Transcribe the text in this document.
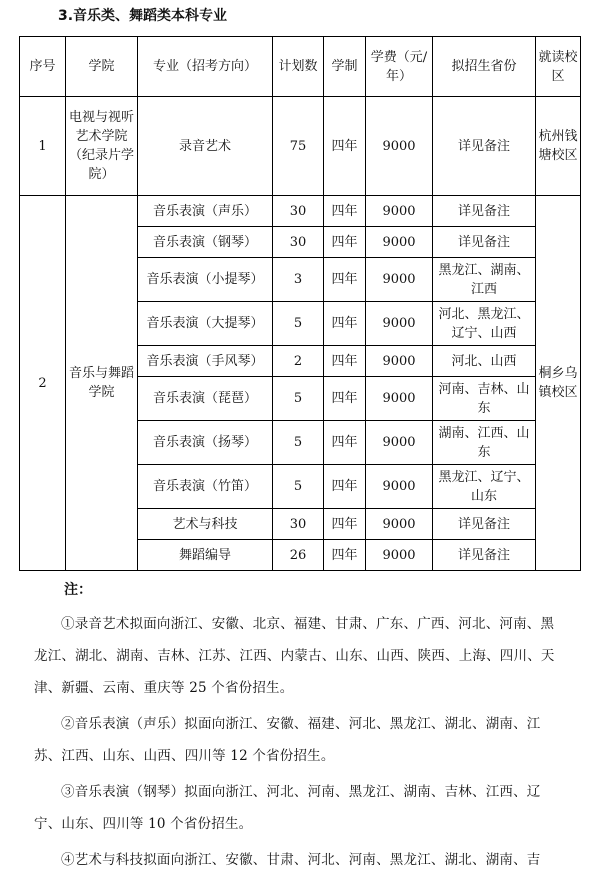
3.音乐类、舞蹈类本科专业
序号	学院	专业（招考方向）	计划数	学制	学费（元/年）	拟招生省份	就读校区
1	电视与视听艺术学院（纪录片学院）	录音艺术	75	四年	9000	详见备注	杭州钱塘校区
2	音乐与舞蹈学院	音乐表演（声乐）	30	四年	9000	详见备注	桐乡乌镇校区
		音乐表演（钢琴）	30	四年	9000	详见备注	
		音乐表演（小提琴）	3	四年	9000	黑龙江、湖南、江西	
		音乐表演（大提琴）	5	四年	9000	河北、黑龙江、辽宁、山西	
		音乐表演（手风琴）	2	四年	9000	河北、山西	
		音乐表演（琵琶）	5	四年	9000	河南、吉林、山东	
		音乐表演（扬琴）	5	四年	9000	湖南、江西、山东	
		音乐表演（竹笛）	5	四年	9000	黑龙江、辽宁、山东	
		艺术与科技	30	四年	9000	详见备注	
		舞蹈编导	26	四年	9000	详见备注	
注：

①录音艺术拟面向浙江、安徽、北京、福建、甘肃、广东、广西、河北、河南、黑龙江、湖北、湖南、吉林、江苏、江西、内蒙古、山东、山西、陕西、上海、四川、天津、新疆、云南、重庆等 25 个省份招生。

②音乐表演（声乐）拟面向浙江、安徽、福建、河北、黑龙江、湖北、湖南、江苏、江西、山东、山西、四川等 12 个省份招生。

③音乐表演（钢琴）拟面向浙江、河北、河南、黑龙江、湖南、吉林、江西、辽宁、山东、四川等 10 个省份招生。

④艺术与科技拟面向浙江、安徽、甘肃、河北、河南、黑龙江、湖北、湖南、吉
